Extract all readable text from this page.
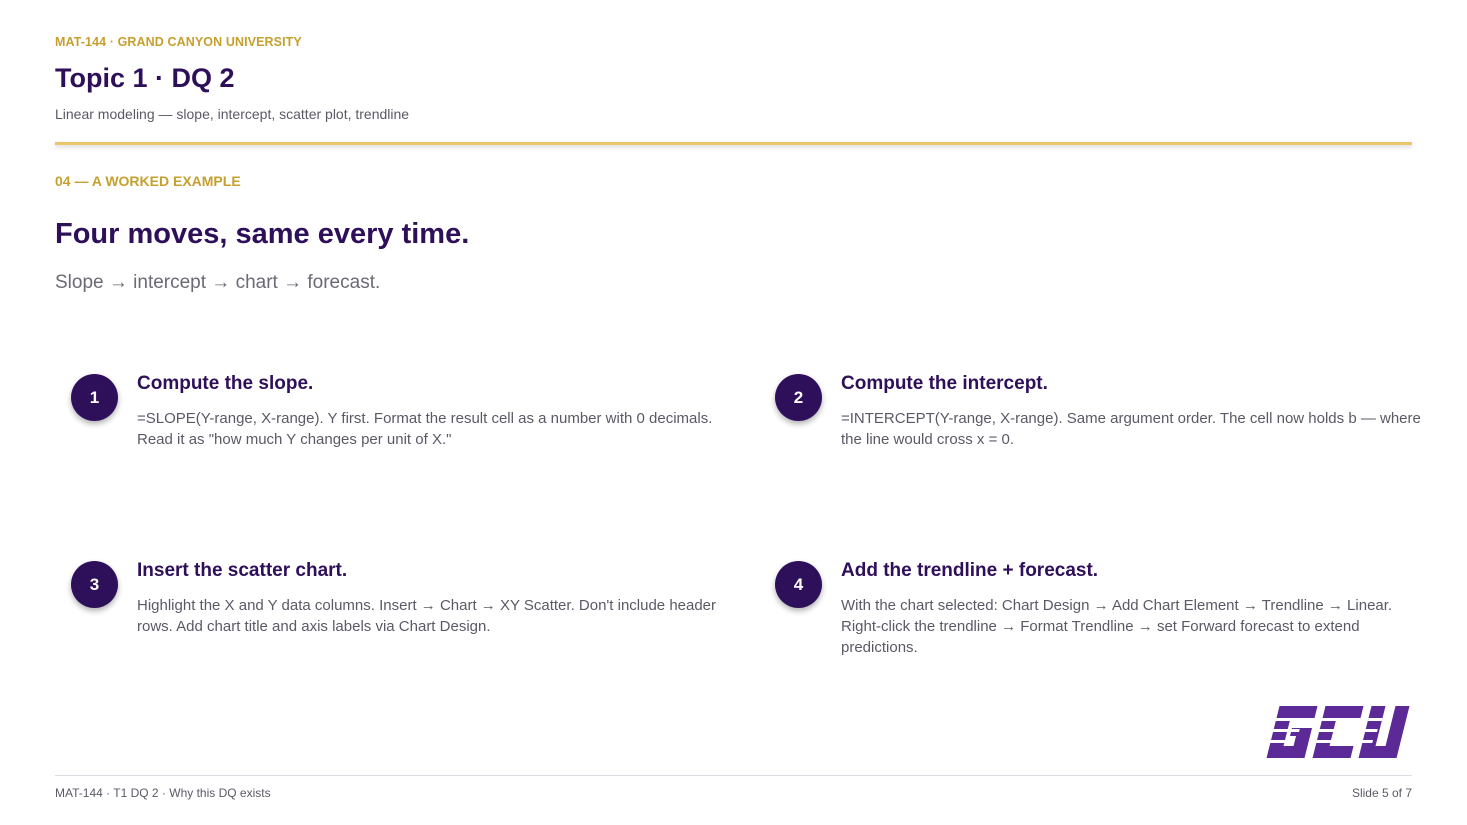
MAT-144 · GRAND CANYON UNIVERSITY
Topic 1 · DQ 2
Linear modeling — slope, intercept, scatter plot, trendline
04 — A WORKED EXAMPLE
Four moves, same every time.
Slope → intercept → chart → forecast.
1
Compute the slope.
=SLOPE(Y-range, X-range). Y first. Format the result cell as a number with 0 decimals. Read it as "how much Y changes per unit of X."
2
Compute the intercept.
=INTERCEPT(Y-range, X-range). Same argument order. The cell now holds b — where the line would cross x = 0.
3
Insert the scatter chart.
Highlight the X and Y data columns. Insert → Chart → XY Scatter. Don't include header rows. Add chart title and axis labels via Chart Design.
4
Add the trendline + forecast.
With the chart selected: Chart Design → Add Chart Element → Trendline → Linear. Right-click the trendline → Format Trendline → set Forward forecast to extend predictions.
MAT-144 · T1 DQ 2 · Why this DQ exists	Slide 5 of 7
